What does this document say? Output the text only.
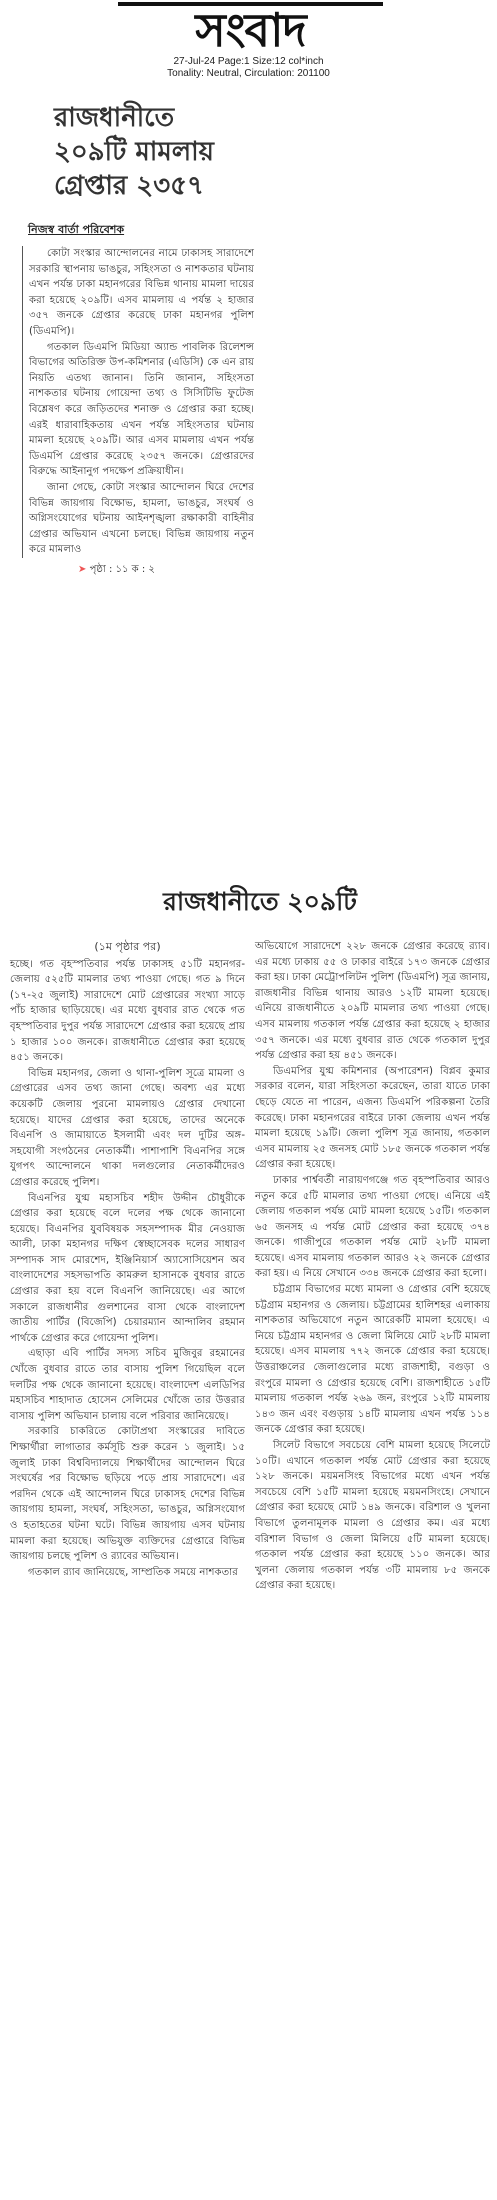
সংবাদ
27-Jul-24 Page:1 Size:12 col*inch
Tonality: Neutral, Circulation: 201100
রাজধানীতে ২০৯টি মামলায় গ্রেপ্তার ২৩৫৭
নিজস্ব বার্তা পরিবেশক

কোটা সংস্কার আন্দোলনের নামে ঢাকাসহ সারাদেশে সরকারি স্থাপনায় ভাঙচুর, সহিংসতা ও নাশকতার ঘটনায় এখন পর্যন্ত ঢাকা মহানগরের বিভিন্ন থানায় মামলা দায়ের করা হয়েছে ২০৯টি। এসব মামলায় এ পর্যন্ত ২ হাজার ৩৫৭ জনকে গ্রেপ্তার করেছে ঢাকা মহানগর পুলিশ (ডিএমপি)।

গতকাল ডিএমপি মিডিয়া অ্যান্ড পাবলিক রিলেশন্স বিভাগের অতিরিক্ত উপ-কমিশনার (এডিসি) কে এন রায় নিয়তি এতথ্য জানান। তিনি জানান, সহিংসতা নাশকতার ঘটনায় গোয়েন্দা তথ্য ও সিসিটিভি ফুটেজ বিশ্লেষণ করে জড়িতদের শনাক্ত ও গ্রেপ্তার করা হচ্ছে। এরই ধারাবাহিকতায় এখন পর্যন্ত সহিংসতার ঘটনায় মামলা হয়েছে ২০৯টি। আর এসব মামলায় এখন পর্যন্ত ডিএমপি গ্রেপ্তার করেছে ২৩৫৭ জনকে। গ্রেপ্তারদের বিরুদ্ধে আইনানুগ পদক্ষেপ প্রক্রিয়াধীন।

জানা গেছে, কোটা সংস্কার আন্দোলন ঘিরে দেশের বিভিন্ন জায়গায় বিক্ষোভ, হামলা, ভাঙচুর, সংঘর্ষ ও অগ্নিসংযোগের ঘটনায় আইনশৃঙ্খলা রক্ষাকারী বাহিনীর গ্রেপ্তার অভিযান এখনো চলছে। বিভিন্ন জায়গায় নতুন করে মামলাও

➤ পৃষ্ঠা : ১১ ক : ২
রাজধানীতে ২০৯টি
(১ম পৃষ্ঠার পর)

হচ্ছে। গত বৃহস্পতিবার পর্যন্ত ঢাকাসহ ৫১টি মহানগর-জেলায় ৫২৫টি মামলার তথ্য পাওয়া গেছে। গত ৯ দিনে (১৭-২৫ জুলাই) সারাদেশে মোট গ্রেপ্তারের সংখ্যা সাড়ে পাঁচ হাজার ছাড়িয়েছে। এর মধ্যে বুধবার রাত থেকে গত বৃহস্পতিবার দুপুর পর্যন্ত সারাদেশে গ্রেপ্তার করা হয়েছে প্রায় ১ হাজার ১০০ জনকে। রাজধানীতে গ্রেপ্তার করা হয়েছে ৪৫১ জনকে।

বিভিন্ন মহানগর, জেলা ও থানা-পুলিশ সূত্রে মামলা ও গ্রেপ্তারের এসব তথ্য জানা গেছে। অবশ্য এর মধ্যে কয়েকটি জেলায় পুরনো মামলায়ও গ্রেপ্তার দেখানো হয়েছে। যাদের গ্রেপ্তার করা হয়েছে, তাদের অনেকে বিএনপি ও জামায়াতে ইসলামী এবং দল দুটির অঙ্গ-সহযোগী সংগঠনের নেতাকর্মী। পাশাপাশি বিএনপির সঙ্গে যুগপৎ আন্দোলনে থাকা দলগুলোর নেতাকর্মীদেরও গ্রেপ্তার করেছে পুলিশ।

বিএনপির যুগ্ম মহাসচিব শহীদ উদ্দীন চৌধুরীকে গ্রেপ্তার করা হয়েছে বলে দলের পক্ষ থেকে জানানো হয়েছে। বিএনপির যুববিষয়ক সহসম্পাদক মীর নেওয়াজ আলী, ঢাকা মহানগর দক্ষিণ স্বেচ্ছাসেবক দলের সাধারণ সম্পাদক সাদ মোরশেদ, ইঞ্জিনিয়ার্স অ্যাসোসিয়েশন অব বাংলাদেশের সহসভাপতি কামরুল হাসানকে বুধবার রাতে গ্রেপ্তার করা হয় বলে বিএনপি জানিয়েছে। এর আগে সকালে রাজধানীর গুলশানের বাসা থেকে বাংলাদেশ জাতীয় পার্টির (বিজেপি) চেয়ারম্যান আন্দালিব রহমান পার্থকে গ্রেপ্তার করে গোয়েন্দা পুলিশ।

এছাড়া এবি পার্টির সদস্য সচিব মুজিবুর রহমানের খোঁজে বুধবার রাতে তার বাসায় পুলিশ গিয়েছিল বলে দলটির পক্ষ থেকে জানানো হয়েছে। বাংলাদেশ এলডিপির মহাসচিব শাহাদাত হোসেন সেলিমের খোঁজে তার উত্তরার বাসায় পুলিশ অভিযান চালায় বলে পরিবার জানিয়েছে।

সরকারি চাকরিতে কোটাপ্রথা সংস্কারের দাবিতে শিক্ষার্থীরা লাগাতার কর্মসূচি শুরু করেন ১ জুলাই। ১৫ জুলাই ঢাকা বিশ্ববিদ্যালয়ে শিক্ষার্থীদের আন্দোলন ঘিরে সংঘর্ষের পর বিক্ষোভ ছড়িয়ে পড়ে প্রায় সারাদেশে। এর পরদিন থেকে এই আন্দোলন ঘিরে ঢাকাসহ দেশের বিভিন্ন জায়গায় হামলা, সংঘর্ষ, সহিংসতা, ভাঙচুর, অগ্নিসংযোগ ও হতাহতের ঘটনা ঘটে। বিভিন্ন জায়গায় এসব ঘটনায় মামলা করা হয়েছে। অভিযুক্ত ব্যক্তিদের গ্রেপ্তারে বিভিন্ন জায়গায় চলছে পুলিশ ও র‌্যাবের অভিযান।

গতকাল র‌্যাব জানিয়েছে, সাম্প্রতিক সময়ে নাশকতার

অভিযোগে সারাদেশে ২২৮ জনকে গ্রেপ্তার করেছে র‌্যাব। এর মধ্যে ঢাকায় ৫৫ ও ঢাকার বাইরে ১৭৩ জনকে গ্রেপ্তার করা হয়। ঢাকা মেট্রোপলিটন পুলিশ (ডিএমপি) সূত্র জানায়, রাজধানীর বিভিন্ন থানায় আরও ১২টি মামলা হয়েছে। এনিয়ে রাজধানীতে ২০৯টি মামলার তথ্য পাওয়া গেছে। এসব মামলায় গতকাল পর্যন্ত গ্রেপ্তার করা হয়েছে ২ হাজার ৩৫৭ জনকে। এর মধ্যে বুধবার রাত থেকে গতকাল দুপুর পর্যন্ত গ্রেপ্তার করা হয় ৪৫১ জনকে।

ডিএমপির যুগ্ম কমিশনার (অপারেশন) বিপ্লব কুমার সরকার বলেন, যারা সহিংসতা করেছেন, তারা যাতে ঢাকা ছেড়ে যেতে না পারেন, এজন্য ডিএমপি পরিকল্পনা তৈরি করেছে। ঢাকা মহানগরের বাইরে ঢাকা জেলায় এখন পর্যন্ত মামলা হয়েছে ১৯টি। জেলা পুলিশ সূত্র জানায়, গতকাল এসব মামলায় ২৫ জনসহ মোট ১৮৫ জনকে গতকাল পর্যন্ত গ্রেপ্তার করা হয়েছে।

ঢাকার পার্শ্ববর্তী নারায়ণগঞ্জে গত বৃহস্পতিবার আরও নতুন করে ৫টি মামলার তথ্য পাওয়া গেছে। এনিয়ে এই জেলায় গতকাল পর্যন্ত মোট মামলা হয়েছে ১৫টি। গতকাল ৬৫ জনসহ এ পর্যন্ত মোট গ্রেপ্তার করা হয়েছে ৩৭৪ জনকে। গাজীপুরে গতকাল পর্যন্ত মোট ২৮টি মামলা হয়েছে। এসব মামলায় গতকাল আরও ২২ জনকে গ্রেপ্তার করা হয়। এ নিয়ে সেখানে ৩৩৪ জনকে গ্রেপ্তার করা হলো।

চট্টগ্রাম বিভাগের মধ্যে মামলা ও গ্রেপ্তার বেশি হয়েছে চট্টগ্রাম মহানগর ও জেলায়। চট্টগ্রামের হালিশহর এলাকায় নাশকতার অভিযোগে নতুন আরেকটি মামলা হয়েছে। এ নিয়ে চট্টগ্রাম মহানগর ও জেলা মিলিয়ে মোট ২৮টি মামলা হয়েছে। এসব মামলায় ৭৭২ জনকে গ্রেপ্তার করা হয়েছে। উত্তরাঞ্চলের জেলাগুলোর মধ্যে রাজশাহী, বগুড়া ও রংপুরে মামলা ও গ্রেপ্তার হয়েছে বেশি। রাজশাহীতে ১৫টি মামলায় গতকাল পর্যন্ত ২৬৯ জন, রংপুরে ১২টি মামলায় ১৪৩ জন এবং বগুড়ায় ১৪টি মামলায় এখন পর্যন্ত ১১৪ জনকে গ্রেপ্তার করা হয়েছে।

সিলেট বিভাগে সবচেয়ে বেশি মামলা হয়েছে সিলেটে ১০টি। এখানে গতকাল পর্যন্ত মোট গ্রেপ্তার করা হয়েছে ১২৮ জনকে। ময়মনসিংহ বিভাগের মধ্যে এখন পর্যন্ত সবচেয়ে বেশি ১৫টি মামলা হয়েছে ময়মনসিংহে। সেখানে গ্রেপ্তার করা হয়েছে মোট ১৪৯ জনকে। বরিশাল ও খুলনা বিভাগে তুলনামূলক মামলা ও গ্রেপ্তার কম। এর মধ্যে বরিশাল বিভাগ ও জেলা মিলিয়ে ৫টি মামলা হয়েছে। গতকাল পর্যন্ত গ্রেপ্তার করা হয়েছে ১১০ জনকে। আর খুলনা জেলায় গতকাল পর্যন্ত ৩টি মামলায় ৮৫ জনকে গ্রেপ্তার করা হয়েছে।
